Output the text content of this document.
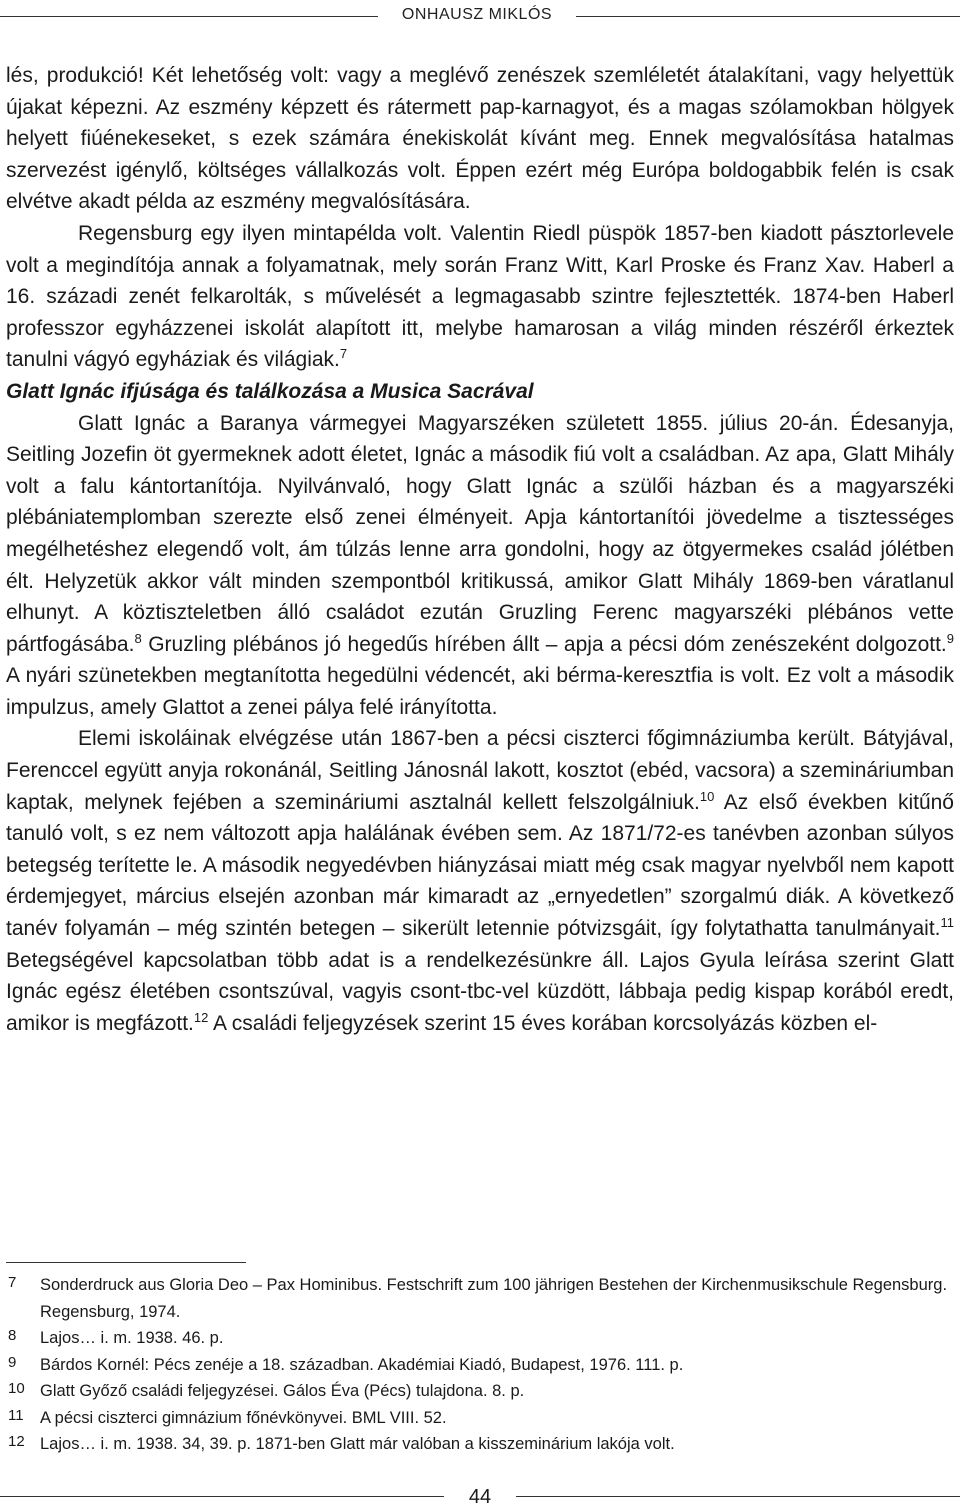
ONHAUSZ MIKLÓS

lés, produkció! Két lehetőség volt: vagy a meglévő zenészek szemléletét átalakítani, vagy helyettük újakat képezni. Az eszmény képzett és rátermett pap-karnagyot, és a magas szólamokban hölgyek helyett fiúénekeseket, s ezek számára énekiskolát kívánt meg. Ennek megvalósítása hatalmas szervezést igénylő, költséges vállalkozás volt. Éppen ezért még Európa boldogabbik felén is csak elvétve akadt példa az eszmény megvalósítására.

Regensburg egy ilyen mintapélda volt. Valentin Riedl püspök 1857-ben kiadott pásztorlevele volt a megindítója annak a folyamatnak, mely során Franz Witt, Karl Proske és Franz Xav. Haberl a 16. századi zenét felkarolták, s művelését a legmagasabb szintre fejlesztették. 1874-ben Haberl professzor egyházzenei iskolát alapított itt, melybe hamarosan a világ minden részéről érkeztek tanulni vágyó egyháziak és világiak.$^7$

Glatt Ignác ifjúsága és találkozása a Musica Sacrával

Glatt Ignác a Baranya vármegyei Magyarszéken született 1855. július 20-án. Édesanyja, Seitling Jozefin öt gyermeknek adott életet, Ignác a második fiú volt a családban. Az apa, Glatt Mihály volt a falu kántortanítója. Nyilvánvaló, hogy Glatt Ignác a szülői házban és a magyarszéki plébániatemplomban szerezte első zenei élményeit. Apja kántortanítói jövedelme a tisztességes megélhetéshez elegendő volt, ám túlzás lenne arra gondolni, hogy az ötgyermekes család jólétben élt. Helyzetük akkor vált minden szempontból kritikussá, amikor Glatt Mihály 1869-ben váratlanul elhunyt. A köztiszteletben álló családot ezután Gruzling Ferenc magyarszéki plébános vette pártfogásába.$^8$ Gruzling plébános jó hegedűs hírében állt – apja a pécsi dóm zenészeként dolgozott.$^9$ A nyári szünetekben megtanította hegedülni védencét, aki bérma-keresztfia is volt. Ez volt a második impulzus, amely Glattot a zenei pálya felé irányította.

Elemi iskoláinak elvégzése után 1867-ben a pécsi ciszterci főgimnáziumba került. Bátyjával, Ferenccel együtt anyja rokonánál, Seitling Jánosnál lakott, kosztot (ebéd, vacsora) a szemináriumban kaptak, melynek fejében a szemináriumi asztalnál kellett felszolgálniuk.$^{10}$ Az első években kitűnő tanuló volt, s ez nem változott apja halálának évében sem. Az 1871/72-es tanévben azonban súlyos betegség terítette le. A második negyedévben hiányzásai miatt még csak magyar nyelvből nem kapott érdemjegyet, március elsején azonban már kimaradt az „ernyedetlen” szorgalmú diák. A következő tanév folyamán – még szintén betegen – sikerült letennie pótvizsgáit, így folytathatta tanulmányait.$^{11}$ Betegségével kapcsolatban több adat is a rendelkezésünkre áll. Lajos Gyula leírása szerint Glatt Ignác egész életében csontszúval, vagyis csont-tbc-vel küzdött, lábbaja pedig kispap korából eredt, amikor is megfázott.$^{12}$ A családi feljegyzések szerint 15 éves korában korcsolyázás közben el-

7 Sonderdruck aus Gloria Deo – Pax Hominibus. Festschrift zum 100 jährigen Bestehen der Kirchenmusikschule Regensburg. Regensburg, 1974.
8 Lajos… i. m. 1938. 46. p.
9 Bárdos Kornél: Pécs zenéje a 18. században. Akadémiai Kiadó, Budapest, 1976. 111. p.
10 Glatt Győző családi feljegyzései. Gálos Éva (Pécs) tulajdona. 8. p.
11 A pécsi ciszterci gimnázium főnévkönyvei. BML VIII. 52.
12 Lajos… i. m. 1938. 34, 39. p. 1871-ben Glatt már valóban a kisszeminárium lakója volt.
44
